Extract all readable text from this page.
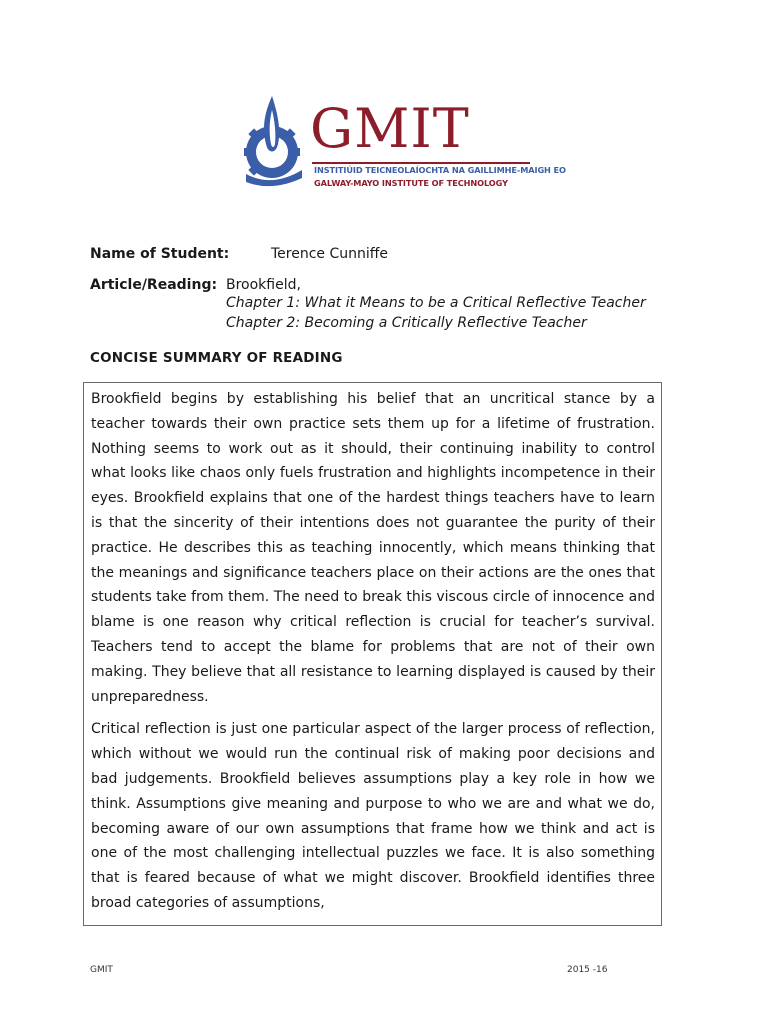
GMIT
INSTITIÚID TEICNEOLAÍOCHTA NA GAILLIMHE-MAIGH EO
GALWAY-MAYO INSTITUTE OF TECHNOLOGY
Name of Student:	Terence Cunniffe
Article/Reading: Brookfield,
Chapter 1: What it Means to be a Critical Reflective Teacher
Chapter 2: Becoming a Critically Reflective Teacher
CONCISE SUMMARY OF READING

Brookfield begins by establishing his belief that an uncritical stance by a teacher towards their own practice sets them up for a lifetime of frustration. Nothing seems to work out as it should, their continuing inability to control what looks like chaos only fuels frustration and highlights incompetence in their eyes. Brookfield explains that one of the hardest things teachers have to learn is that the sincerity of their intentions does not guarantee the purity of their practice. He describes this as teaching innocently, which means thinking that the meanings and significance teachers place on their actions are the ones that students take from them. The need to break this viscous circle of innocence and blame is one reason why critical reflection is crucial for teacher’s survival. Teachers tend to accept the blame for problems that are not of their own making. They believe that all resistance to learning displayed is caused by their unpreparedness.

Critical reflection is just one particular aspect of the larger process of reflection, which without we would run the continual risk of making poor decisions and bad judgements. Brookfield believes assumptions play a key role in how we think. Assumptions give meaning and purpose to who we are and what we do, becoming aware of our own assumptions that frame how we think and act is one of the most challenging intellectual puzzles we face. It is also something that is feared because of what we might discover. Brookfield identifies three broad categories of assumptions,

GMIT	2015 -16
